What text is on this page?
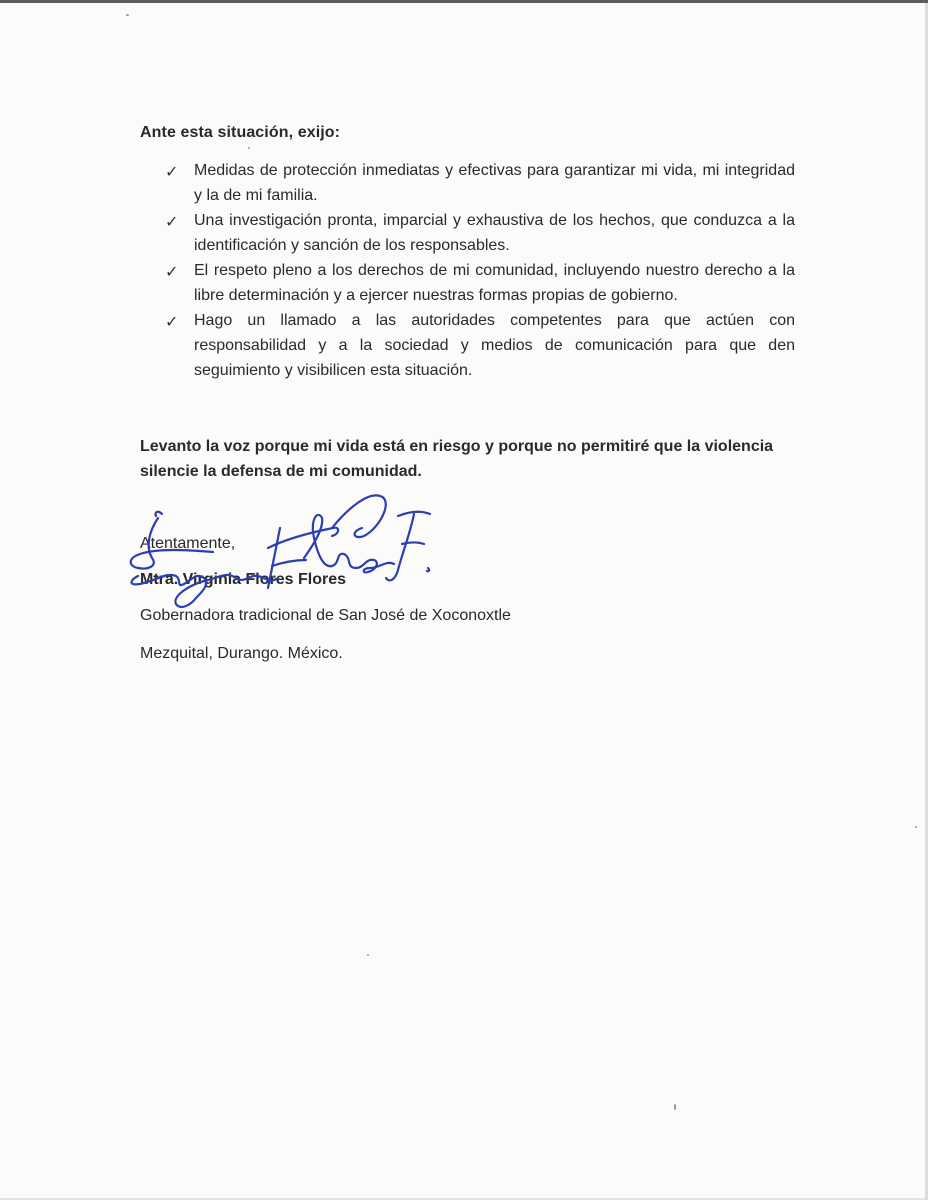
Ante esta situación, exijo:
✓ Medidas de protección inmediatas y efectivas para garantizar mi vida, mi integridad y la de mi familia.
✓ Una investigación pronta, imparcial y exhaustiva de los hechos, que conduzca a la identificación y sanción de los responsables.
✓ El respeto pleno a los derechos de mi comunidad, incluyendo nuestro derecho a la libre determinación y a ejercer nuestras formas propias de gobierno.
✓ Hago un llamado a las autoridades competentes para que actúen con responsabilidad y a la sociedad y medios de comunicación para que den seguimiento y visibilicen esta situación.
Levanto la voz porque mi vida está en riesgo y porque no permitiré que la violencia silencie la defensa de mi comunidad.
Atentamente,
Mtra. Virginia Flores Flores
Gobernadora tradicional de San José de Xoconoxtle
Mezquital, Durango. México.
